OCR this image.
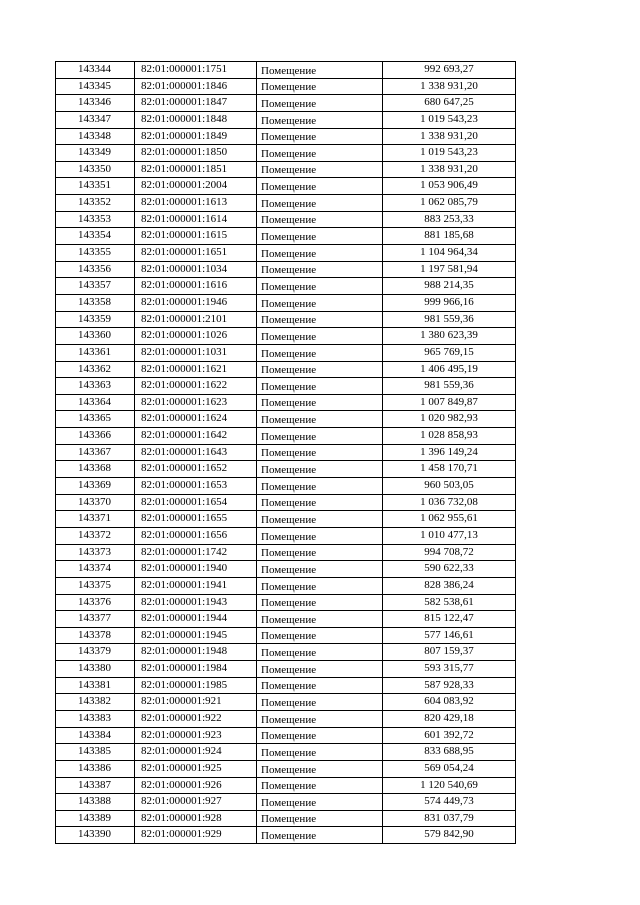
143344	82:01:000001:1751	Помещение	992 693,27
143345	82:01:000001:1846	Помещение	1 338 931,20
143346	82:01:000001:1847	Помещение	680 647,25
143347	82:01:000001:1848	Помещение	1 019 543,23
143348	82:01:000001:1849	Помещение	1 338 931,20
143349	82:01:000001:1850	Помещение	1 019 543,23
143350	82:01:000001:1851	Помещение	1 338 931,20
143351	82:01:000001:2004	Помещение	1 053 906,49
143352	82:01:000001:1613	Помещение	1 062 085,79
143353	82:01:000001:1614	Помещение	883 253,33
143354	82:01:000001:1615	Помещение	881 185,68
143355	82:01:000001:1651	Помещение	1 104 964,34
143356	82:01:000001:1034	Помещение	1 197 581,94
143357	82:01:000001:1616	Помещение	988 214,35
143358	82:01:000001:1946	Помещение	999 966,16
143359	82:01:000001:2101	Помещение	981 559,36
143360	82:01:000001:1026	Помещение	1 380 623,39
143361	82:01:000001:1031	Помещение	965 769,15
143362	82:01:000001:1621	Помещение	1 406 495,19
143363	82:01:000001:1622	Помещение	981 559,36
143364	82:01:000001:1623	Помещение	1 007 849,87
143365	82:01:000001:1624	Помещение	1 020 982,93
143366	82:01:000001:1642	Помещение	1 028 858,93
143367	82:01:000001:1643	Помещение	1 396 149,24
143368	82:01:000001:1652	Помещение	1 458 170,71
143369	82:01:000001:1653	Помещение	960 503,05
143370	82:01:000001:1654	Помещение	1 036 732,08
143371	82:01:000001:1655	Помещение	1 062 955,61
143372	82:01:000001:1656	Помещение	1 010 477,13
143373	82:01:000001:1742	Помещение	994 708,72
143374	82:01:000001:1940	Помещение	590 622,33
143375	82:01:000001:1941	Помещение	828 386,24
143376	82:01:000001:1943	Помещение	582 538,61
143377	82:01:000001:1944	Помещение	815 122,47
143378	82:01:000001:1945	Помещение	577 146,61
143379	82:01:000001:1948	Помещение	807 159,37
143380	82:01:000001:1984	Помещение	593 315,77
143381	82:01:000001:1985	Помещение	587 928,33
143382	82:01:000001:921	Помещение	604 083,92
143383	82:01:000001:922	Помещение	820 429,18
143384	82:01:000001:923	Помещение	601 392,72
143385	82:01:000001:924	Помещение	833 688,95
143386	82:01:000001:925	Помещение	569 054,24
143387	82:01:000001:926	Помещение	1 120 540,69
143388	82:01:000001:927	Помещение	574 449,73
143389	82:01:000001:928	Помещение	831 037,79
143390	82:01:000001:929	Помещение	579 842,90
